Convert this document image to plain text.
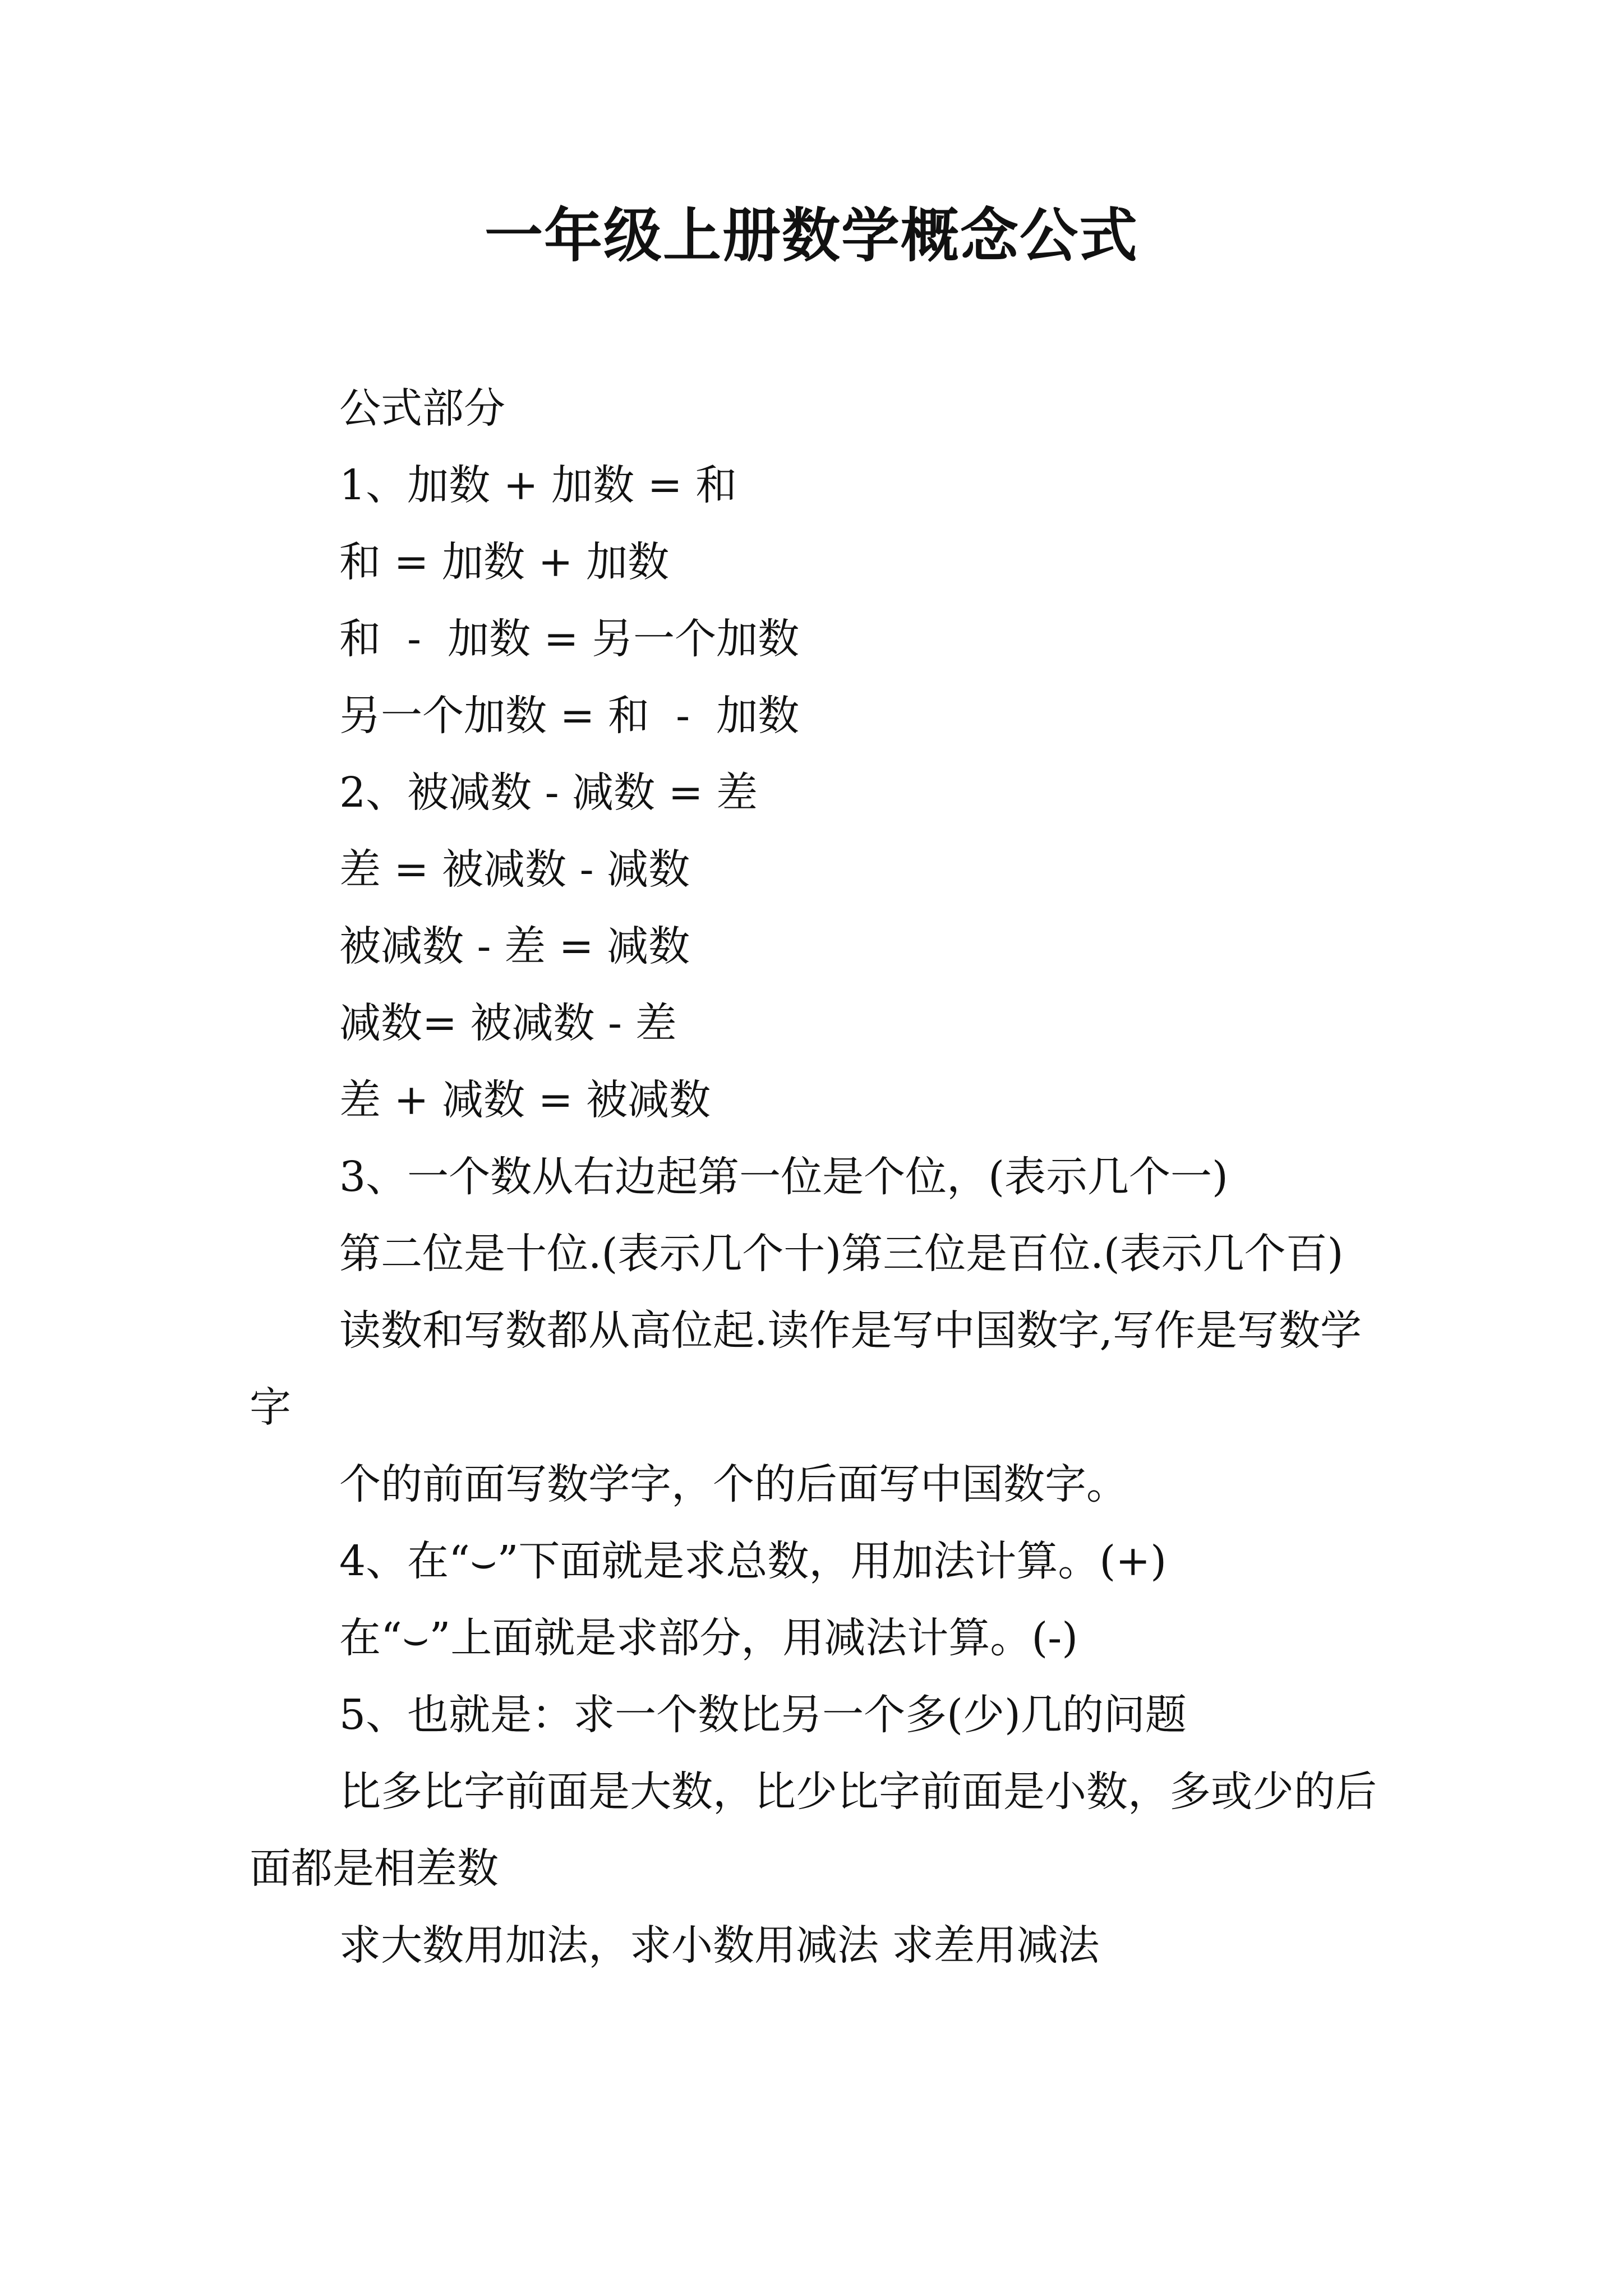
一年级上册数学概念公式
公式部分
1、加数 + 加数 = 和
和 = 加数 + 加数
和  -  加数 = 另一个加数
另一个加数 = 和  -  加数
2、被减数 - 减数 = 差
差 = 被减数 - 减数
被减数 - 差 = 减数
减数= 被减数 - 差
差 + 减数 = 被减数
3、一个数从右边起第一位是个位，(表示几个一)
第二位是十位.(表示几个十)第三位是百位.(表示几个百)
读数和写数都从高位起.读作是写中国数字,写作是写数学字
个的前面写数学字，个的后面写中国数字。
4、在“⌣”下面就是求总数，用加法计算。(+)
在“⌣”上面就是求部分，用减法计算。(-)
5、也就是：求一个数比另一个多(少)几的问题
比多比字前面是大数，比少比字前面是小数，多或少的后面都是相差数
求大数用加法，求小数用减法 求差用减法
